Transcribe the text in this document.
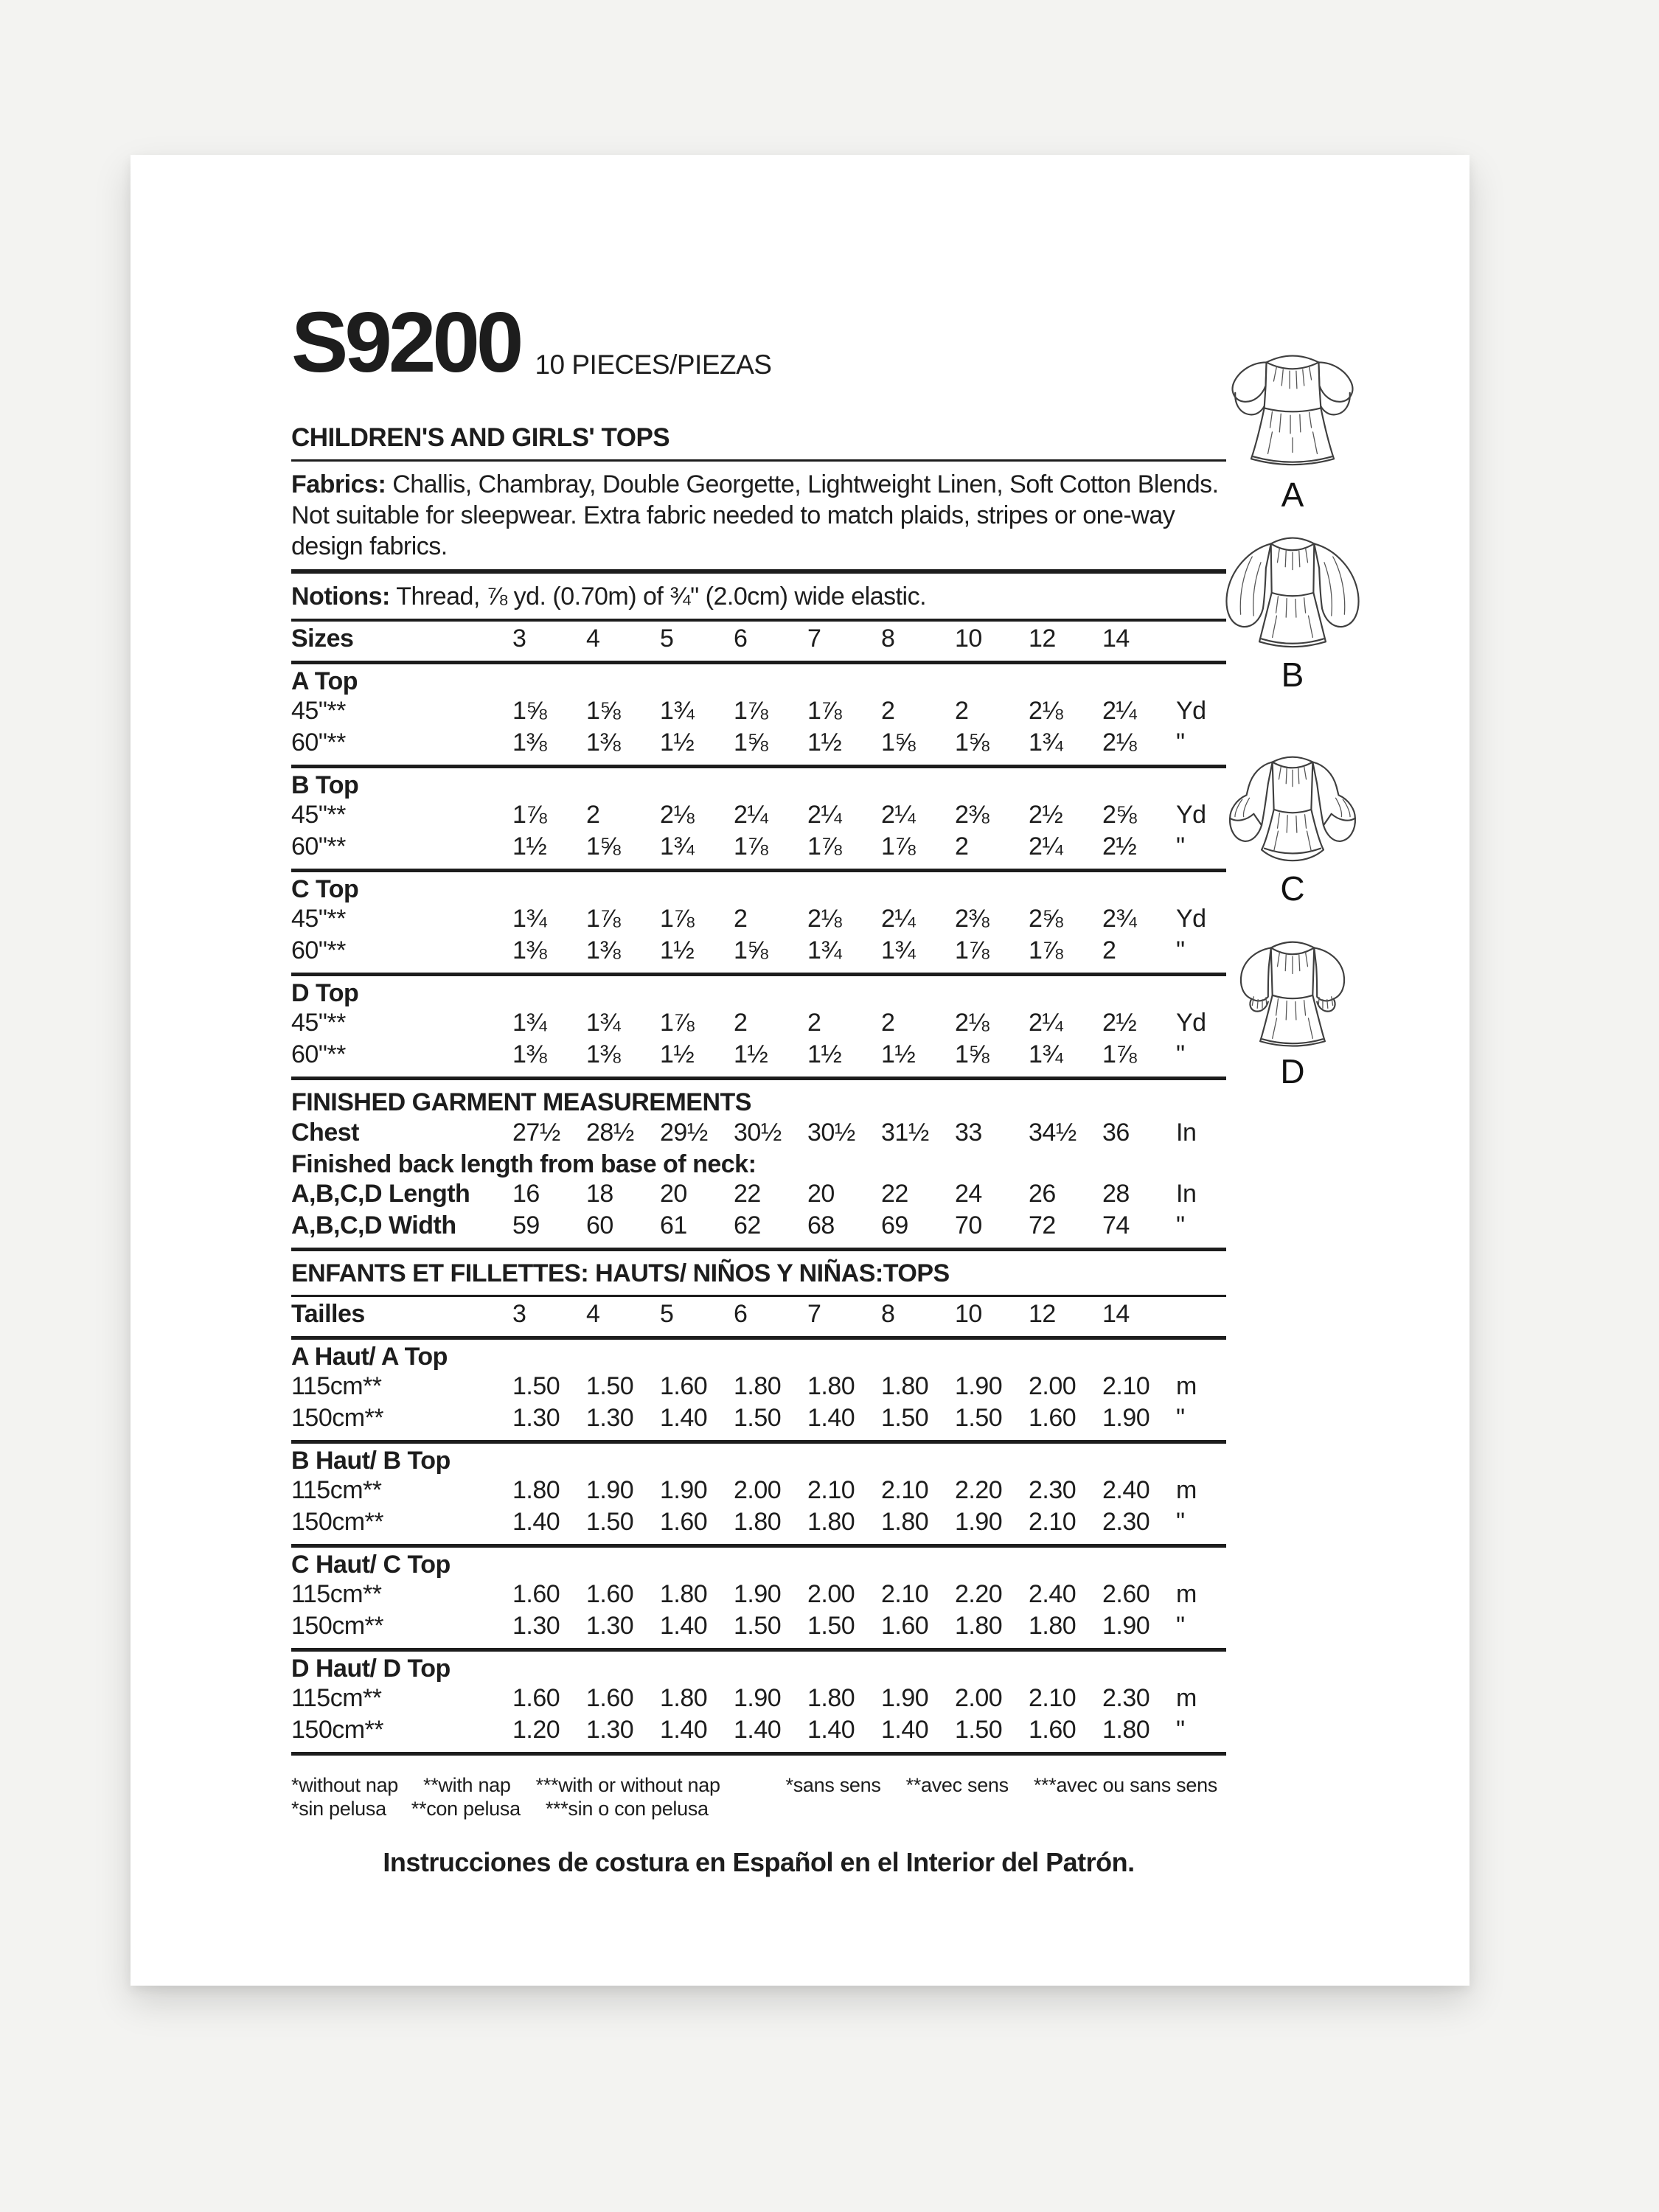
S9200 10 PIECES/PIEZAS
CHILDREN'S AND GIRLS' TOPS
Fabrics: Challis, Chambray, Double Georgette, Lightweight Linen, Soft Cotton Blends. Not suitable for sleepwear. Extra fabric needed to match plaids, stripes or one-way design fabrics.
Notions: Thread, ⅞ yd. (0.70m) of ¾" (2.0cm) wide elastic.
Sizes	3 4 5 6 7 8 10 12 14
A Top
45"**	1⅝ 1⅝ 1¾ 1⅞ 1⅞ 2 2 2⅛ 2¼ Yd
60"**	1⅜ 1⅜ 1½ 1⅝ 1½ 1⅝ 1⅝ 1¾ 2⅛ "
B Top
45"**	1⅞ 2 2⅛ 2¼ 2¼ 2¼ 2⅜ 2½ 2⅝ Yd
60"**	1½ 1⅝ 1¾ 1⅞ 1⅞ 1⅞ 2 2¼ 2½ "
C Top
45"**	1¾ 1⅞ 1⅞ 2 2⅛ 2¼ 2⅜ 2⅝ 2¾ Yd
60"**	1⅜ 1⅜ 1½ 1⅝ 1¾ 1¾ 1⅞ 1⅞ 2 "
D Top
45"**	1¾ 1¾ 1⅞ 2 2 2 2⅛ 2¼ 2½ Yd
60"**	1⅜ 1⅜ 1½ 1½ 1½ 1½ 1⅝ 1¾ 1⅞ "
FINISHED GARMENT MEASUREMENTS
Chest	27½ 28½ 29½ 30½ 30½ 31½ 33 34½ 36 In
Finished back length from base of neck:
A,B,C,D Length 16 18 20 22 20 22 24 26 28 In
A,B,C,D Width 59 60 61 62 68 69 70 72 74 "
ENFANTS ET FILLETTES: HAUTS/ NIÑOS Y NIÑAS:TOPS
Tailles	3 4 5 6 7 8 10 12 14
A Haut/ A Top
115cm**	1.50 1.50 1.60 1.80 1.80 1.80 1.90 2.00 2.10 m
150cm**	1.30 1.30 1.40 1.50 1.40 1.50 1.50 1.60 1.90 "
B Haut/ B Top
115cm**	1.80 1.90 1.90 2.00 2.10 2.10 2.20 2.30 2.40 m
150cm**	1.40 1.50 1.60 1.80 1.80 1.80 1.90 2.10 2.30 "
C Haut/ C Top
115cm**	1.60 1.60 1.80 1.90 2.00 2.10 2.20 2.40 2.60 m
150cm**	1.30 1.30 1.40 1.50 1.50 1.60 1.80 1.80 1.90 "
D Haut/ D Top
115cm**	1.60 1.60 1.80 1.90 1.80 1.90 2.00 2.10 2.30 m
150cm**	1.20 1.30 1.40 1.40 1.40 1.40 1.50 1.60 1.80 "
*without nap **with nap ***with or without nap	*sans sens **avec sens ***avec ou sans sens
*sin pelusa **con pelusa ***sin o con pelusa
Instrucciones de costura en Español en el Interior del Patrón.
A
B
C
D
